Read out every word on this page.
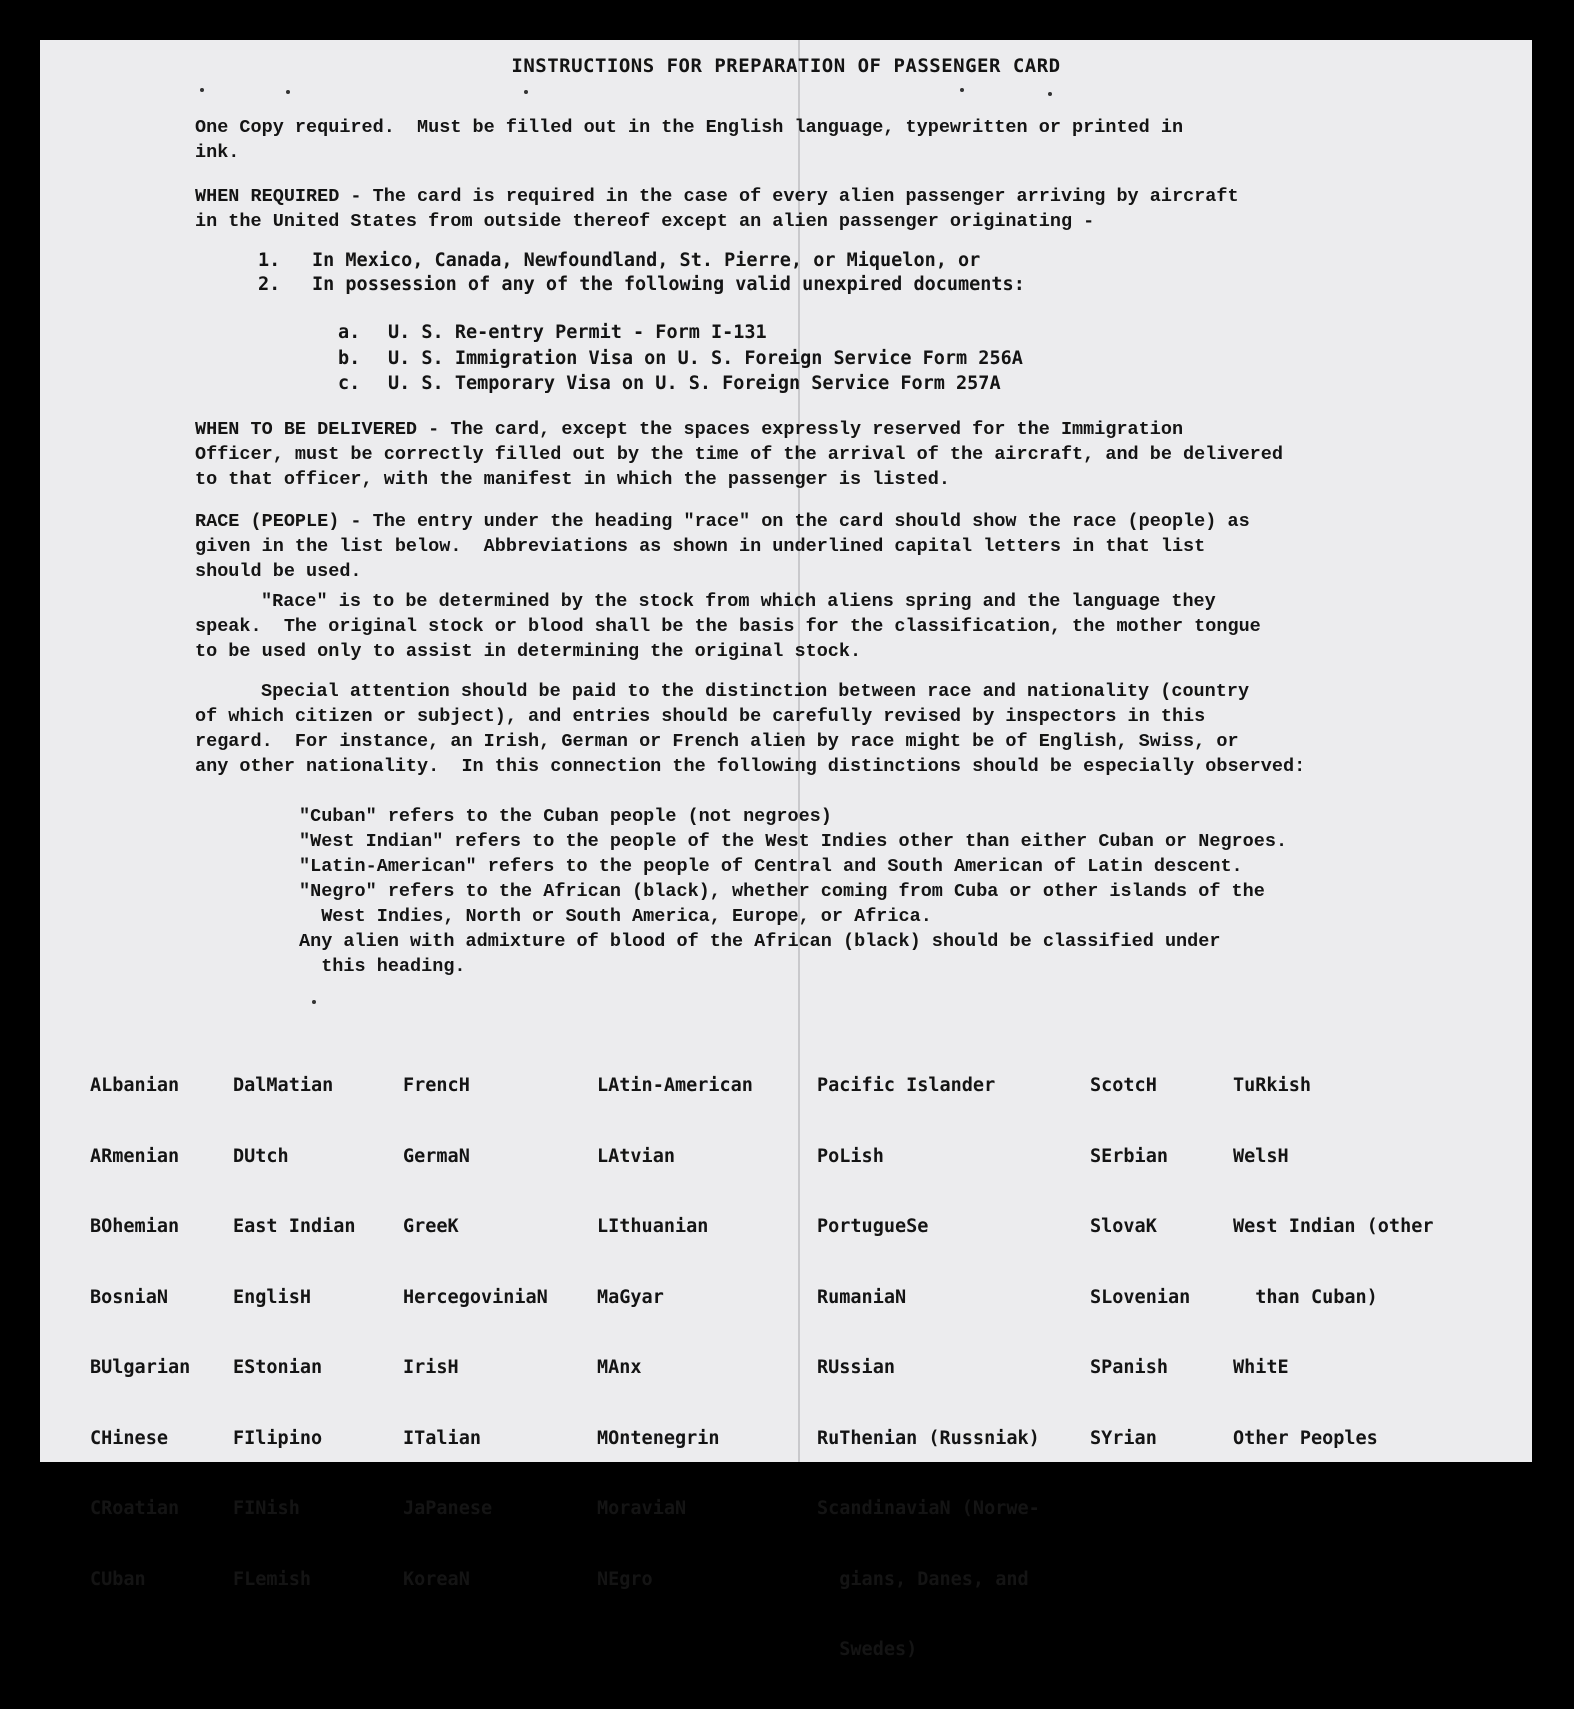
INSTRUCTIONS FOR PREPARATION OF PASSENGER CARD
One Copy required.  Must be filled out in the English language, typewritten or printed in
ink.
WHEN REQUIRED - The card is required in the case of every alien passenger arriving by aircraft
in the United States from outside thereof except an alien passenger originating -
1. In Mexico, Canada, Newfoundland, St. Pierre, or Miquelon, or
2. In possession of any of the following valid unexpired documents:
a. U. S. Re-entry Permit - Form I-131
b. U. S. Immigration Visa on U. S. Foreign Service Form 256A
c. U. S. Temporary Visa on U. S. Foreign Service Form 257A
WHEN TO BE DELIVERED - The card, except the spaces expressly reserved for the Immigration
Officer, must be correctly filled out by the time of the arrival of the aircraft, and be delivered
to that officer, with the manifest in which the passenger is listed.
RACE (PEOPLE) - The entry under the heading "race" on the card should show the race (people) as
given in the list below.  Abbreviations as shown in underlined capital letters in that list
should be used.
"Race" is to be determined by the stock from which aliens spring and the language they
speak.  The original stock or blood shall be the basis for the classification, the mother tongue
to be used only to assist in determining the original stock.
Special attention should be paid to the distinction between race and nationality (country
of which citizen or subject), and entries should be carefully revised by inspectors in this
regard.  For instance, an Irish, German or French alien by race might be of English, Swiss, or
any other nationality.  In this connection the following distinctions should be especially observed:
"Cuban" refers to the Cuban people (not negroes)
"West Indian" refers to the people of the West Indies other than either Cuban or Negroes.
"Latin-American" refers to the people of Central and South American of Latin descent.
"Negro" refers to the African (black), whether coming from Cuba or other islands of the
West Indies, North or South America, Europe, or Africa.
Any alien with admixture of blood of the African (black) should be classified under
this heading.

ALbanian

ARmenian

BOhemian

BosniaN

BUlgarian

CHinese

CRoatian

CUban

DalMatian

DUtch

East Indian

EnglisH

EStonian

FIlipino

FINish

FLemish

FrencH

GermaN

GreeK

HercegoviniaN

IrisH

ITalian

JaPanese

KoreaN

LAtin-American

LAtvian

LIthuanian

MaGyar

MAnx

MOntenegrin

MoraviaN

NEgro

Pacific Islander

PoLish

PortugueSe

RumaniaN

RUssian

RuThenian (Russniak)

ScandinaviaN (Norwe-

gians, Danes, and

Swedes)

ScotcH

SErbian

SlovaK

SLovenian

SPanish

SYrian

TuRkish

WelsH

West Indian (other

than Cuban)

WhitE

Other Peoples
